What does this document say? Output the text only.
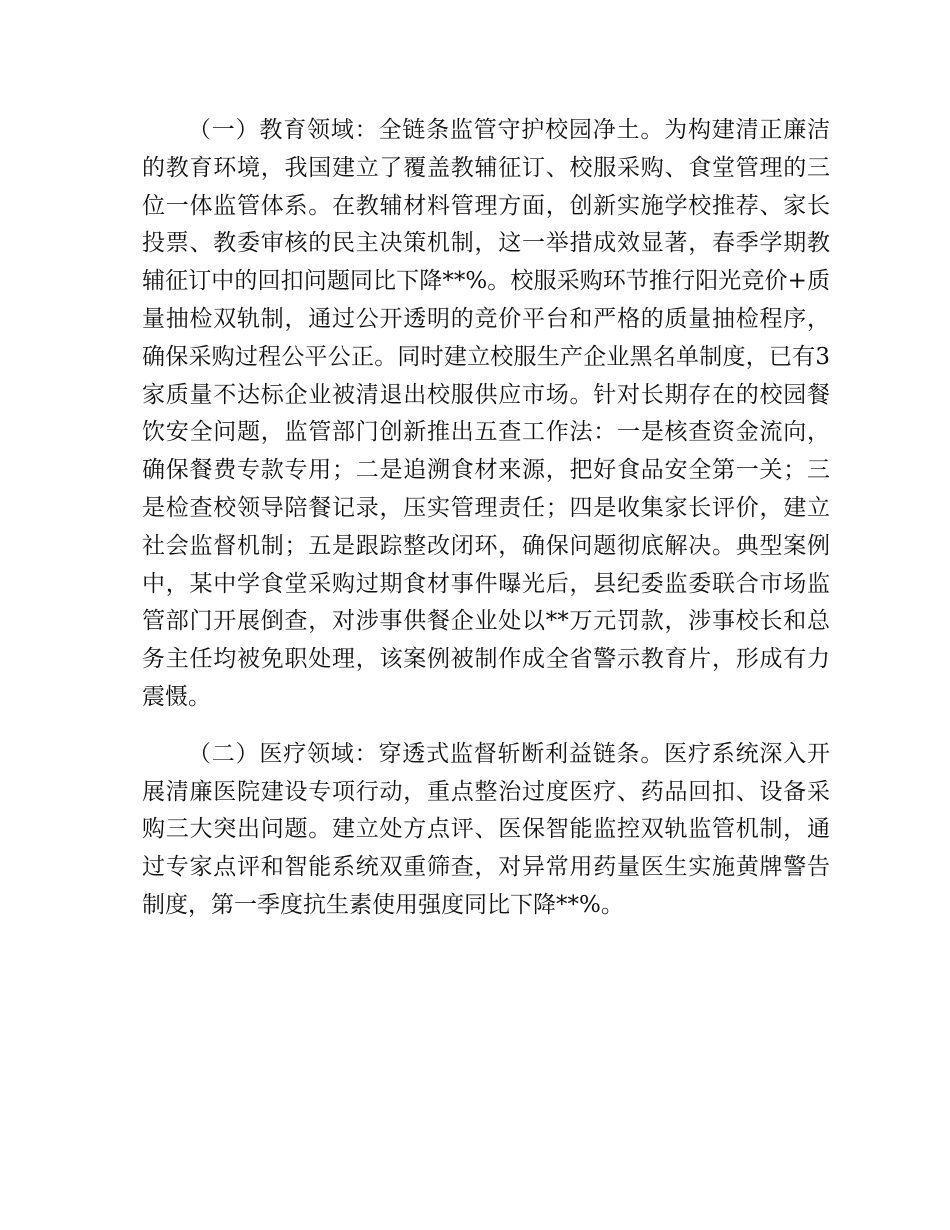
（一）教育领域：全链条监管守护校园净土。为构建清正廉洁的教育环境，我国建立了覆盖教辅征订、校服采购、食堂管理的三位一体监管体系。在教辅材料管理方面，创新实施学校推荐、家长投票、教委审核的民主决策机制，这一举措成效显著，春季学期教辅征订中的回扣问题同比下降**%。校服采购环节推行阳光竞价+质量抽检双轨制，通过公开透明的竞价平台和严格的质量抽检程序，确保采购过程公平公正。同时建立校服生产企业黑名单制度，已有3家质量不达标企业被清退出校服供应市场。针对长期存在的校园餐饮安全问题，监管部门创新推出五查工作法：一是核查资金流向，确保餐费专款专用；二是追溯食材来源，把好食品安全第一关；三是检查校领导陪餐记录，压实管理责任；四是收集家长评价，建立社会监督机制；五是跟踪整改闭环，确保问题彻底解决。典型案例中，某中学食堂采购过期食材事件曝光后，县纪委监委联合市场监管部门开展倒查，对涉事供餐企业处以**万元罚款，涉事校长和总务主任均被免职处理，该案例被制作成全省警示教育片，形成有力震慑。

（二）医疗领域：穿透式监督斩断利益链条。医疗系统深入开展清廉医院建设专项行动，重点整治过度医疗、药品回扣、设备采购三大突出问题。建立处方点评、医保智能监控双轨监管机制，通过专家点评和智能系统双重筛查，对异常用药量医生实施黄牌警告制度，第一季度抗生素使用强度同比下降**%。
